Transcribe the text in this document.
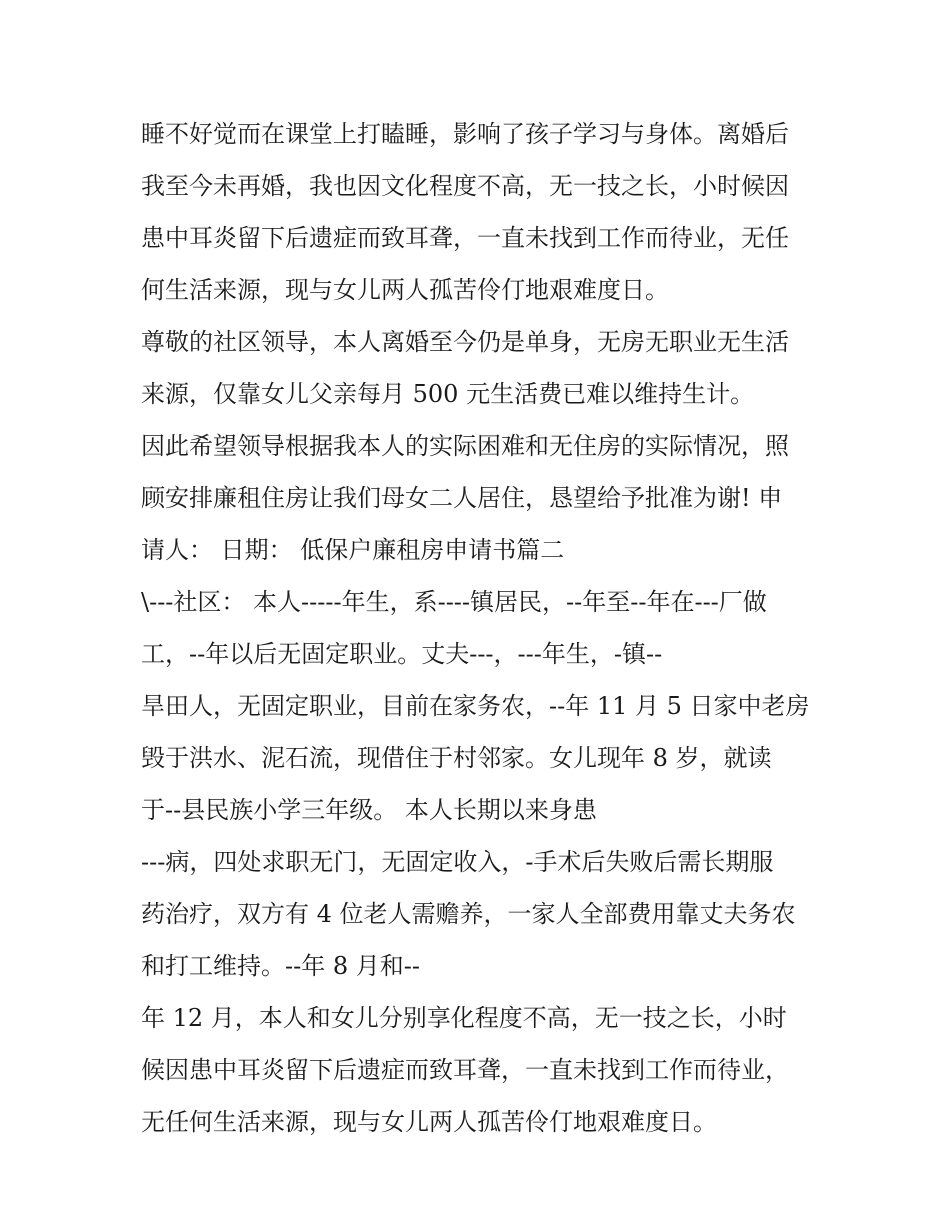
睡不好觉而在课堂上打瞌睡，影响了孩子学习与身体。离婚后
我至今未再婚，我也因文化程度不高，无一技之长，小时候因
患中耳炎留下后遗症而致耳聋，一直未找到工作而待业，无任
何生活来源，现与女儿两人孤苦伶仃地艰难度日。
尊敬的社区领导，本人离婚至今仍是单身，无房无职业无生活
来源，仅靠女儿父亲每月 500 元生活费已难以维持生计。
因此希望领导根据我本人的实际困难和无住房的实际情况，照
顾安排廉租住房让我们母女二人居住，恳望给予批准为谢! 申
请人： 日期： 低保户廉租房申请书篇二
\---社区： 本人-----年生，系----镇居民，--年至--年在---厂做
工，--年以后无固定职业。丈夫---，---年生，-镇--
旱田人，无固定职业，目前在家务农，--年 11 月 5 日家中老房
毁于洪水、泥石流，现借住于村邻家。女儿现年 8 岁，就读
于--县民族小学三年级。 本人长期以来身患
---病，四处求职无门，无固定收入，-手术后失败后需长期服
药治疗，双方有 4 位老人需赡养，一家人全部费用靠丈夫务农
和打工维持。--年 8 月和--
年 12 月，本人和女儿分别享化程度不高，无一技之长，小时
候因患中耳炎留下后遗症而致耳聋，一直未找到工作而待业，
无任何生活来源，现与女儿两人孤苦伶仃地艰难度日。
